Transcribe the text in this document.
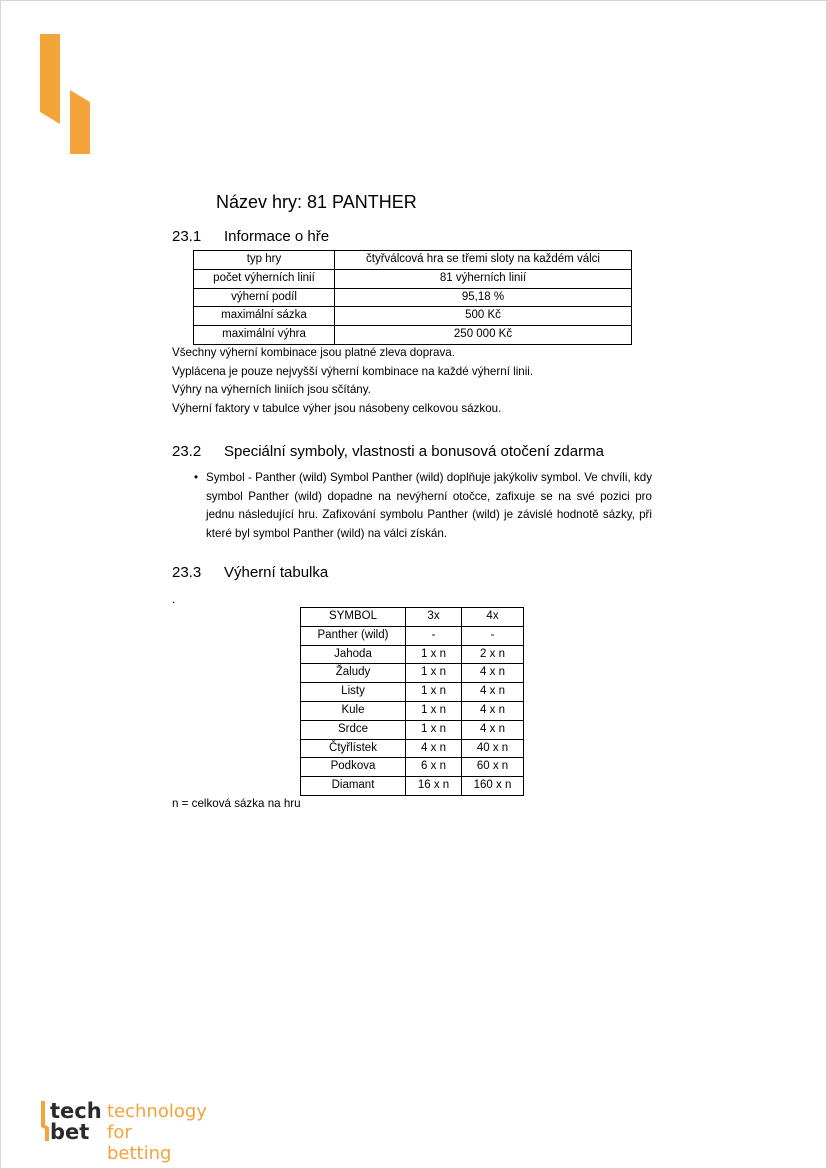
Název hry: 81 PANTHER
23.1 Informace o hře
typ hry	čtyřválcová hra se třemi sloty na každém válci
počet výherních linií	81 výherních linií
výherní podíl	95,18 %
maximální sázka	500 Kč
maximální výhra	250 000 Kč
Všechny výherní kombinace jsou platné zleva doprava.
Vyplácena je pouze nejvyšší výherní kombinace na každé výherní linii.
Výhry na výherních liniích jsou sčítány.
Výherní faktory v tabulce výher jsou násobeny celkovou sázkou.
23.2 Speciální symboly, vlastnosti a bonusová otočení zdarma
• Symbol - Panther (wild) Symbol Panther (wild) doplňuje jakýkoliv symbol. Ve chvíli, kdy symbol Panther (wild) dopadne na nevýherní otočce, zafixuje se na své pozici pro jednu následující hru. Zafixování symbolu Panther (wild) je závislé hodnotě sázky, při které byl symbol Panther (wild) na válci získán.
23.3 Výherní tabulka
.
SYMBOL	3x	4x
Panther (wild)	-	-
Jahoda	1 x n	2 x n
Žaludy	1 x n	4 x n
Listy	1 x n	4 x n
Kule	1 x n	4 x n
Srdce	1 x n	4 x n
Čtyřlístek	4 x n	40 x n
Podkova	6 x n	60 x n
Diamant	16 x n	160 x n
n = celková sázka na hru
tech
bet
technology
for betting
